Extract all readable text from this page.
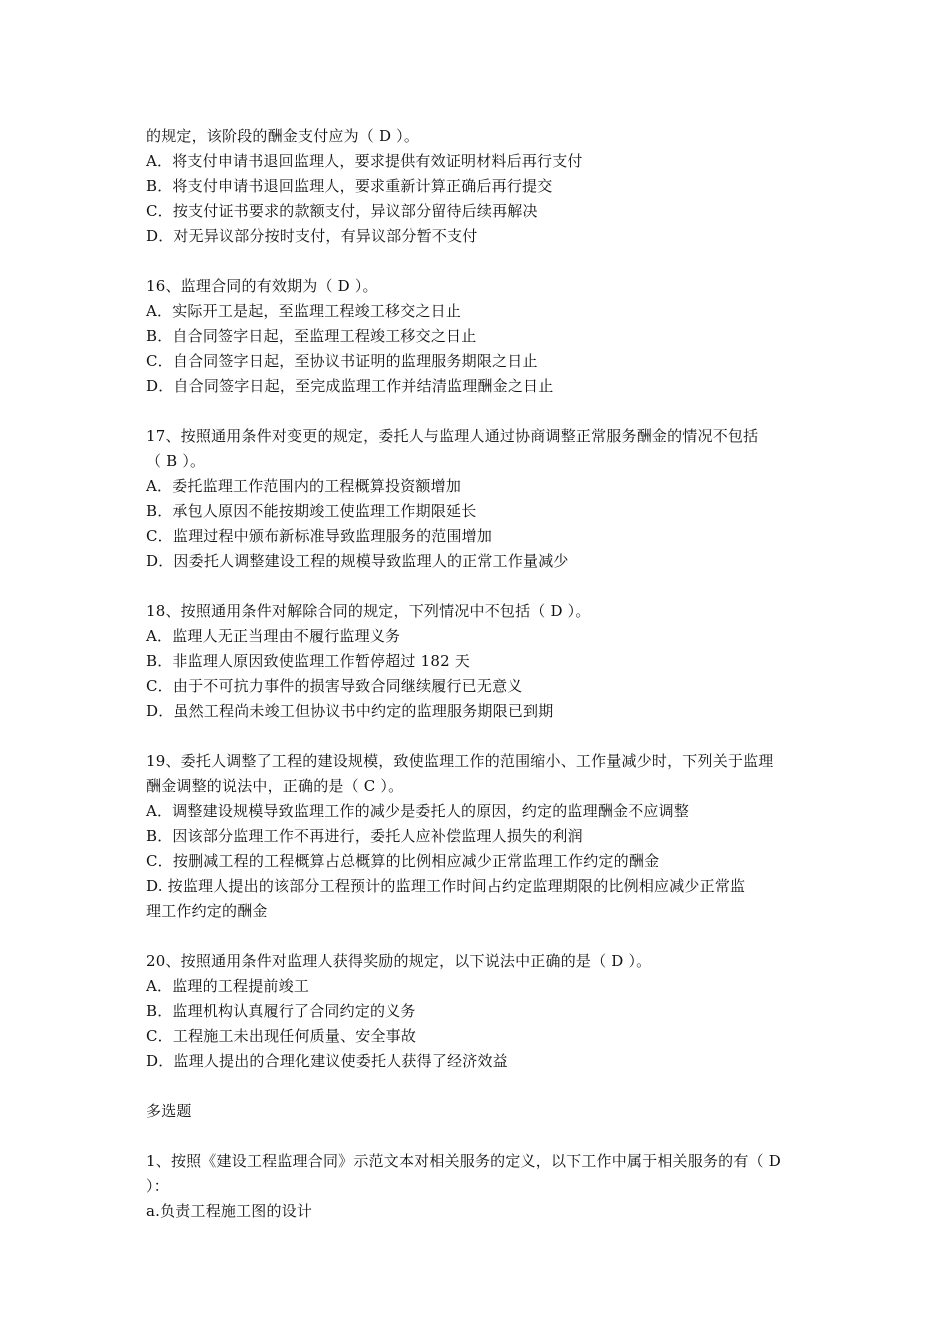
的规定，该阶段的酬金支付应为（ D ）。
A．将支付申请书退回监理人，要求提供有效证明材料后再行支付
B．将支付申请书退回监理人，要求重新计算正确后再行提交
C．按支付证书要求的款额支付，异议部分留待后续再解决
D．对无异议部分按时支付，有异议部分暂不支付
16、监理合同的有效期为（ D ）。
A．实际开工是起，至监理工程竣工移交之日止
B．自合同签字日起，至监理工程竣工移交之日止
C．自合同签字日起，至协议书证明的监理服务期限之日止
D．自合同签字日起，至完成监理工作并结清监理酬金之日止
17、按照通用条件对变更的规定，委托人与监理人通过协商调整正常服务酬金的情况不包括
（ B ）。
A．委托监理工作范围内的工程概算投资额增加
B．承包人原因不能按期竣工使监理工作期限延长
C．监理过程中颁布新标准导致监理服务的范围增加
D．因委托人调整建设工程的规模导致监理人的正常工作量减少
18、按照通用条件对解除合同的规定，下列情况中不包括（ D ）。
A．监理人无正当理由不履行监理义务
B．非监理人原因致使监理工作暂停超过 182 天
C．由于不可抗力事件的损害导致合同继续履行已无意义
D．虽然工程尚未竣工但协议书中约定的监理服务期限已到期
19、委托人调整了工程的建设规模，致使监理工作的范围缩小、工作量减少时，下列关于监理
酬金调整的说法中，正确的是（ C ）。
A．调整建设规模导致监理工作的减少是委托人的原因，约定的监理酬金不应调整
B．因该部分监理工作不再进行，委托人应补偿监理人损失的利润
C．按删减工程的工程概算占总概算的比例相应减少正常监理工作约定的酬金
D. 按监理人提出的该部分工程预计的监理工作时间占约定监理期限的比例相应减少正常监
理工作约定的酬金
20、按照通用条件对监理人获得奖励的规定，以下说法中正确的是（ D ）。
A．监理的工程提前竣工
B．监理机构认真履行了合同约定的义务
C．工程施工未出现任何质量、安全事故
D．监理人提出的合理化建议使委托人获得了经济效益
多选题
1、按照《建设工程监理合同》示范文本对相关服务的定义，以下工作中属于相关服务的有（ D
）：
a.负责工程施工图的设计
